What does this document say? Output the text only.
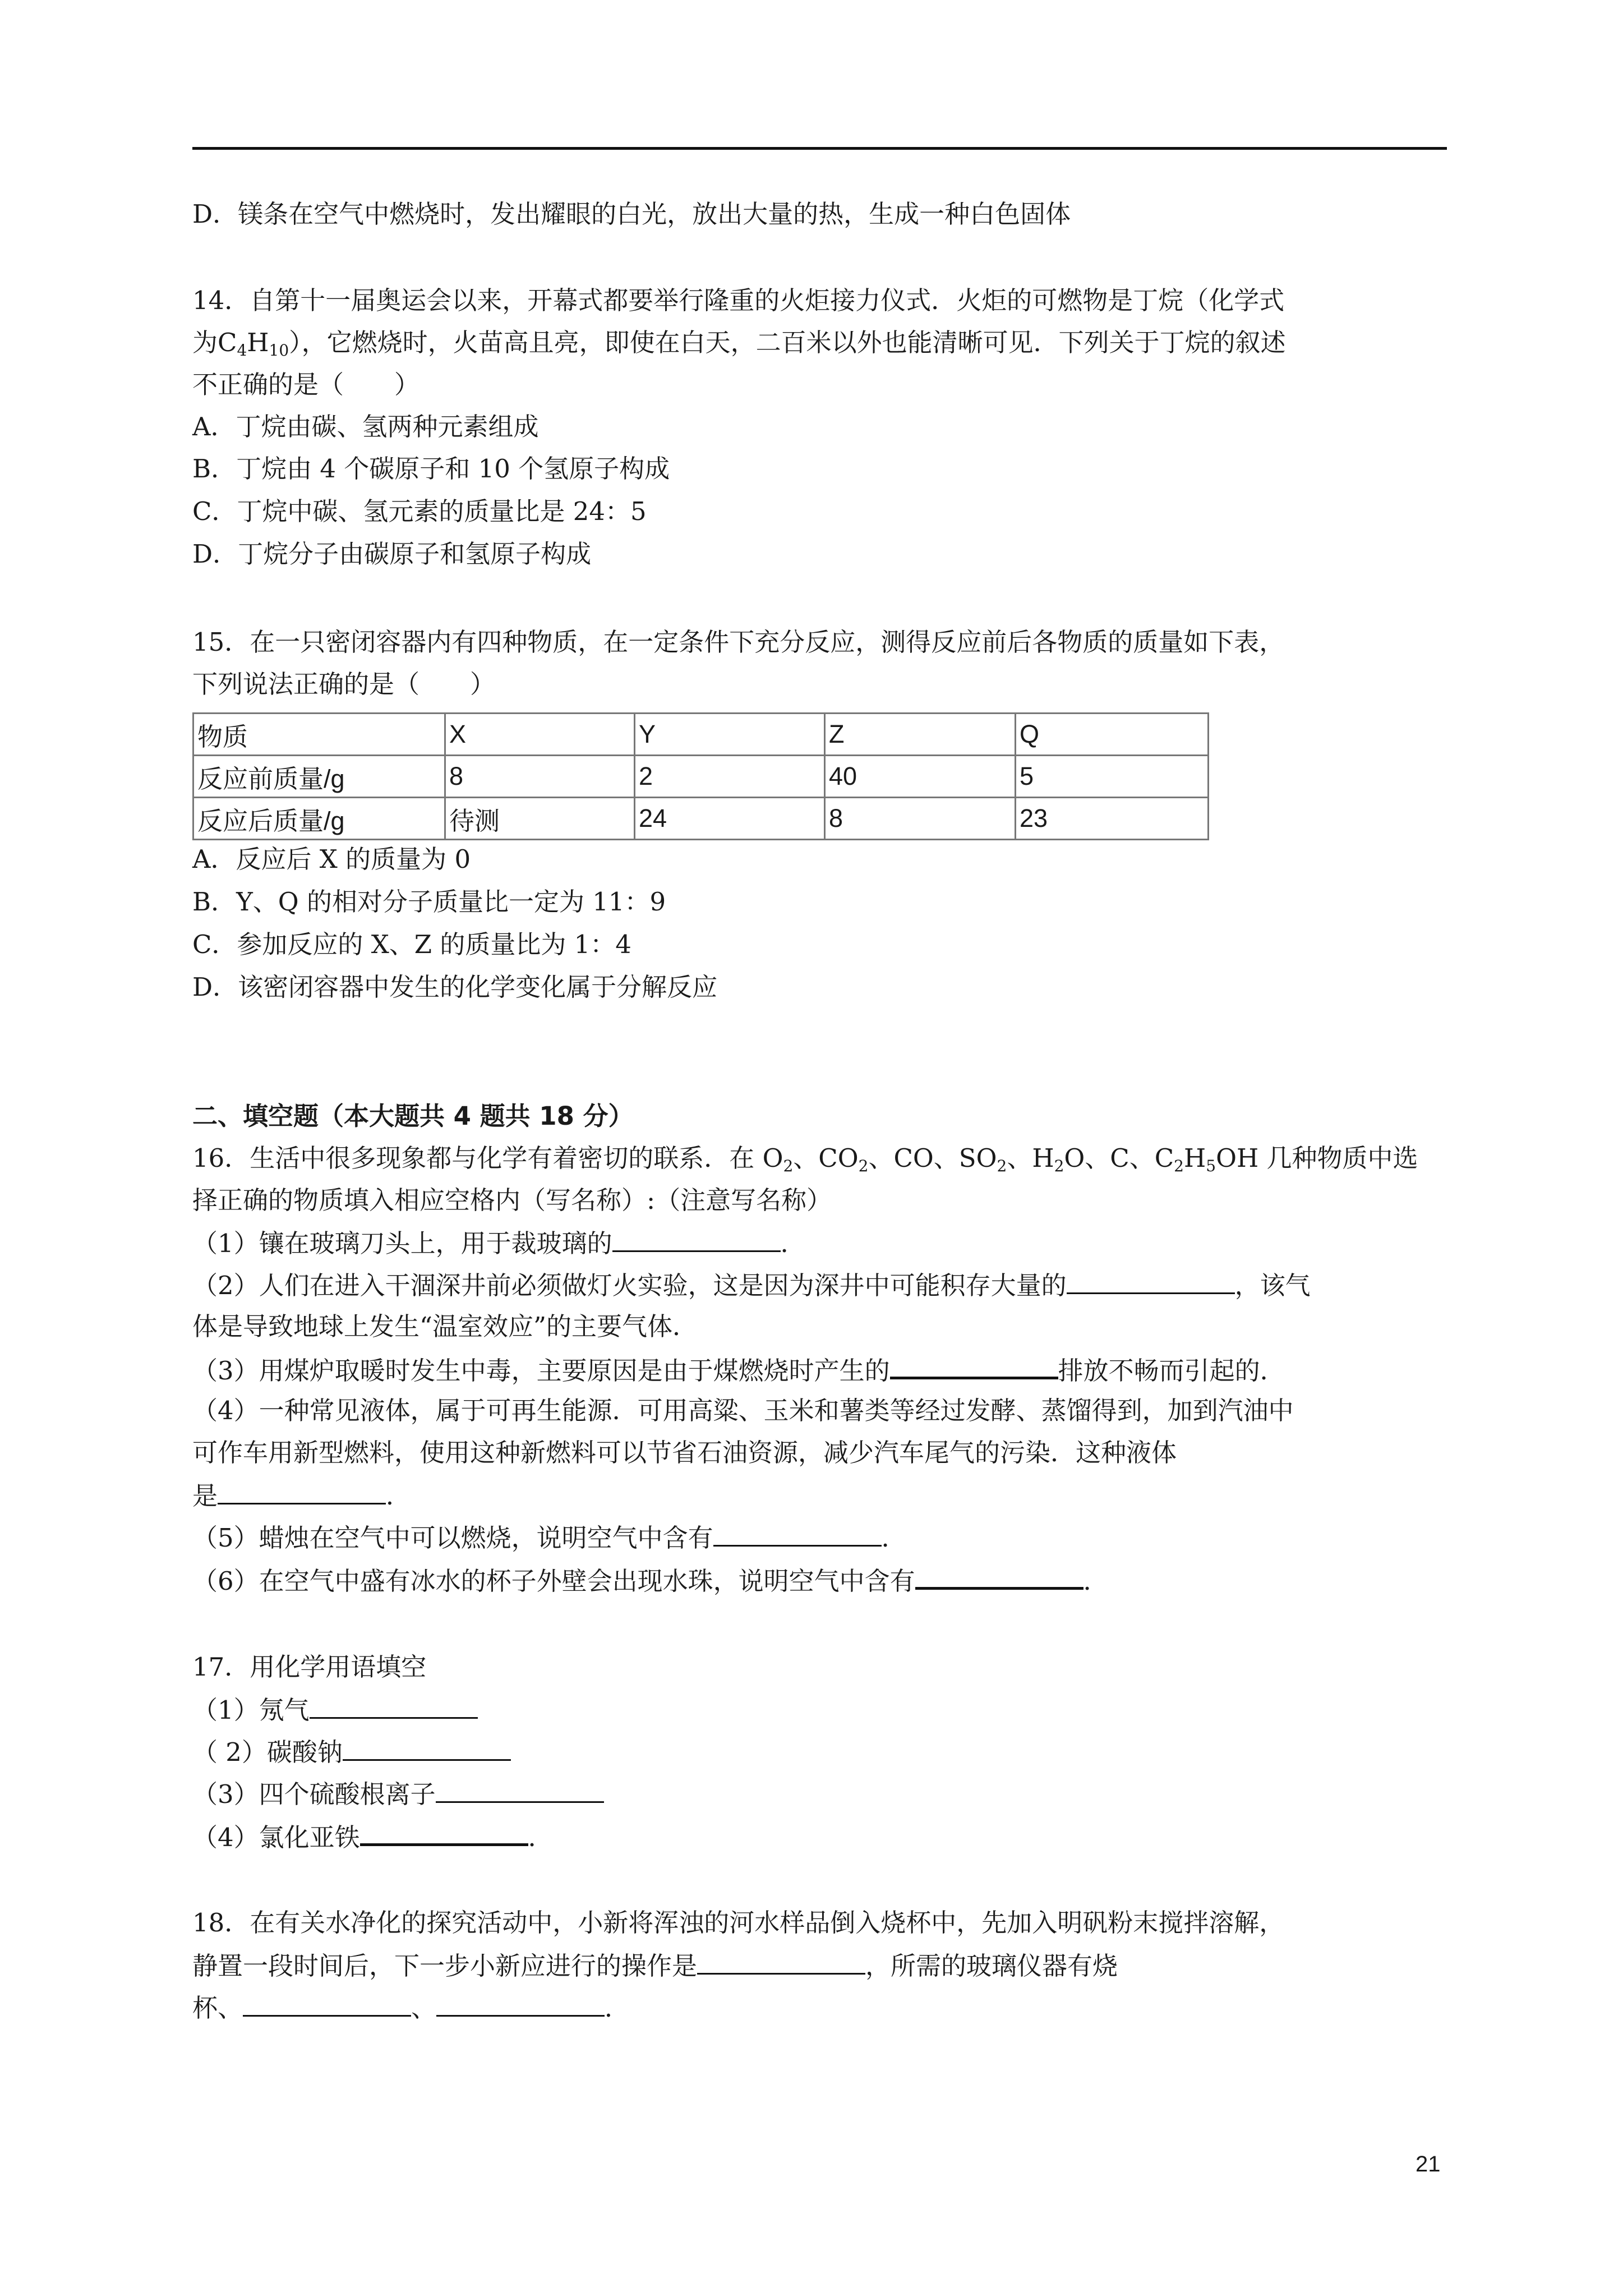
D．镁条在空气中燃烧时，发出耀眼的白光，放出大量的热，生成一种白色固体
14．自第十一届奥运会以来，开幕式都要举行隆重的火炬接力仪式．火炬的可燃物是丁烷（化学式
为$C_4H_{10}$），它燃烧时，火苗高且亮，即使在白天，二百米以外也能清晰可见．下列关于丁烷的叙述
不正确的是（　　）
A．丁烷由碳、氢两种元素组成
B．丁烷由 4 个碳原子和 10 个氢原子构成
C．丁烷中碳、氢元素的质量比是 24：5
D．丁烷分子由碳原子和氢原子构成
15．在一只密闭容器内有四种物质，在一定条件下充分反应，测得反应前后各物质的质量如下表，
下列说法正确的是（　　）
物质	X	Y	Z	Q
反应前质量/g	8	2	40	5
反应后质量/g	待测	24	8	23
A．反应后 X 的质量为 0
B．Y、Q 的相对分子质量比一定为 11：9
C．参加反应的 X、Z 的质量比为 1：4
D．该密闭容器中发生的化学变化属于分解反应
二、填空题（本大题共 4 题共 18 分）
16．生活中很多现象都与化学有着密切的联系．在 $O_2$、$CO_2$、CO、$SO_2$、$H_2O$、C、$C_2H_5OH$ 几种物质中选
择正确的物质填入相应空格内（写名称）:（注意写名称）
（1）镶在玻璃刀头上，用于裁玻璃的	．
（2）人们在进入干涸深井前必须做灯火实验，这是因为深井中可能积存大量的	，该气
体是导致地球上发生“温室效应”的主要气体．
（3）用煤炉取暖时发生中毒，主要原因是由于煤燃烧时产生的	排放不畅而引起的．
（4）一种常见液体，属于可再生能源．可用高粱、玉米和薯类等经过发酵、蒸馏得到，加到汽油中
可作车用新型燃料，使用这种新燃料可以节省石油资源，减少汽车尾气的污染．这种液体
是	．
（5）蜡烛在空气中可以燃烧，说明空气中含有	．
（6）在空气中盛有冰水的杯子外壁会出现水珠，说明空气中含有	．
17．用化学用语填空
（1）氖气
（ 2）碳酸钠
（3）四个硫酸根离子
（4）氯化亚铁	．
18．在有关水净化的探究活动中，小新将浑浊的河水样品倒入烧杯中，先加入明矾粉末搅拌溶解，
静置一段时间后，下一步小新应进行的操作是	，所需的玻璃仪器有烧
杯、	、	．
21
